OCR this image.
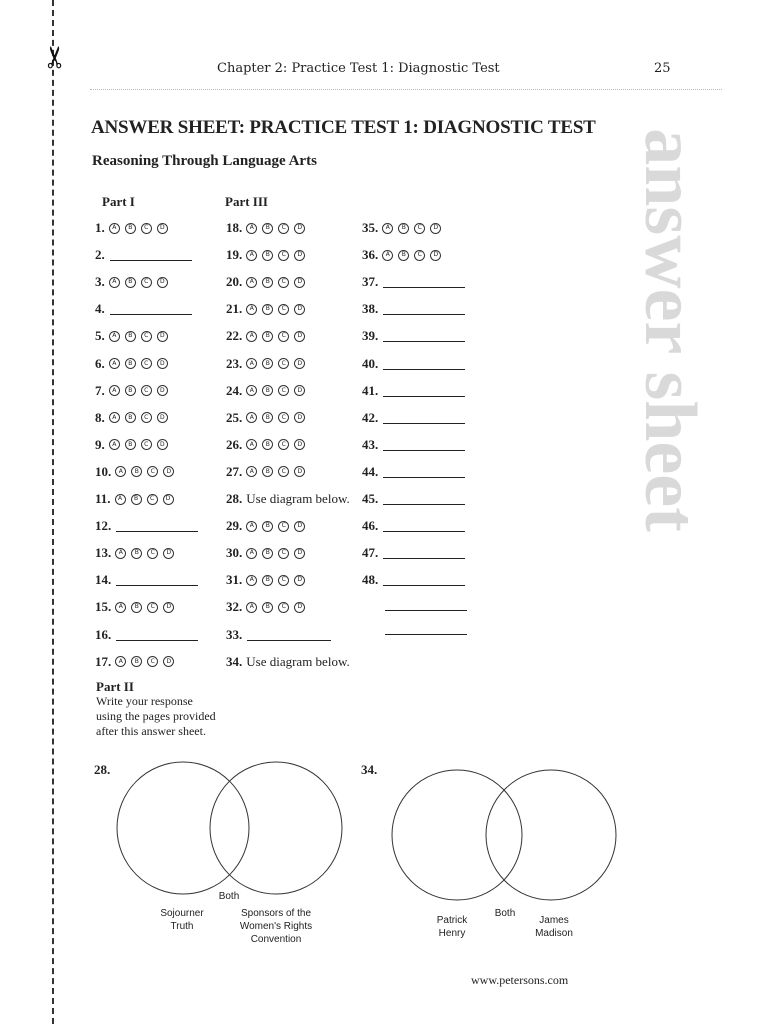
✂	Chapter 2: Practice Test 1: Diagnostic Test	25
answer sheet
ANSWER SHEET: PRACTICE TEST 1: DIAGNOSTIC TEST
Reasoning Through Language Arts
Part I	Part III
1.	A	B	C	D
2.
3.	A	B	C	D
4.
5.	A	B	C	D
6.	A	B	C	D
7.	A	B	C	D
8.	A	B	C	D
9.	A	B	C	D
10.	A	B	C	D
11.	A	B	C	D
12.
13.	A	B	C	D
14.
15.	A	B	C	D
16.
17.	A	B	C	D
18.	A	B	C	D
19.	A	B	C	D
20.	A	B	C	D
21.	A	B	C	D
22.	A	B	C	D
23.	A	B	C	D
24.	A	B	C	D
25.	A	B	C	D
26.	A	B	C	D
27.	A	B	C	D
28. Use diagram below.
29.	A	B	C	D
30.	A	B	C	D
31.	A	B	C	D
32.	A	B	C	D
33.
34. Use diagram below.
35.	A	B	C	D
36.	A	B	C	D
37.
38.
39.
40.
41.
42.
43.
44.
45.
46.
47.
48.
Part II
Write your response
using the pages provided
after this answer sheet.
28.
Both
Sojourner
Truth
Sponsors of the
Women's Rights
Convention
34.
Both
Patrick
Henry
James
Madison
www.petersons.com
